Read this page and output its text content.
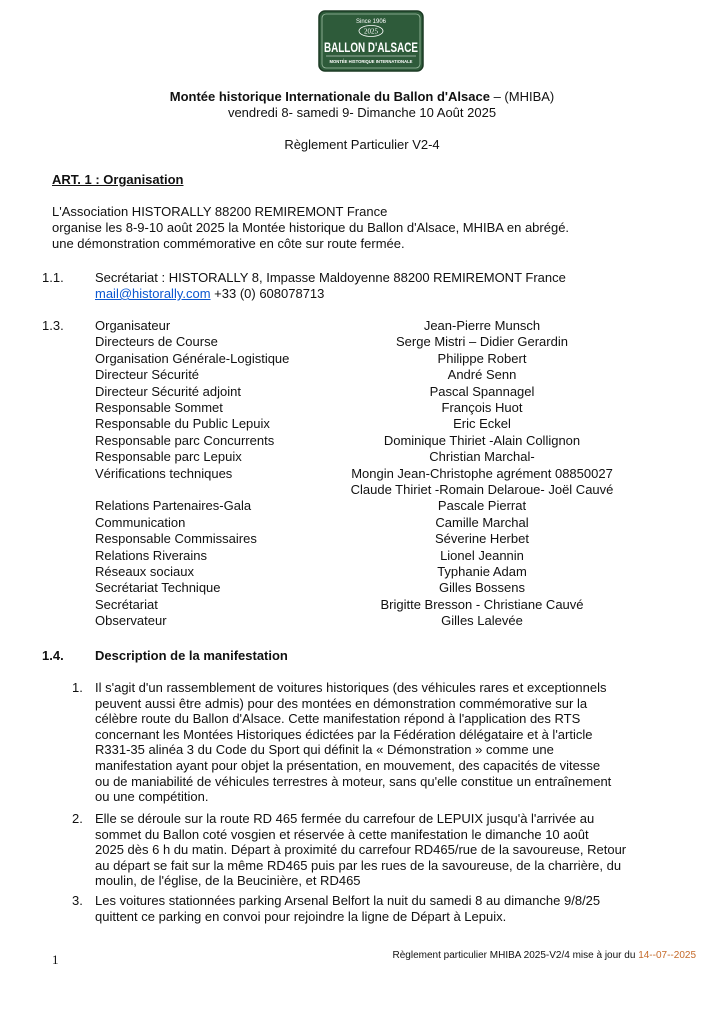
Since 1906
2025
BALLON D'ALSACE
MONTÉE HISTORIQUE INTERNATIONALE
Montée historique Internationale du Ballon d'Alsace – (MHIBA)
vendredi 8- samedi 9- Dimanche 10 Août 2025
Règlement Particulier V2-4
ART. 1 : Organisation
L'Association HISTORALLY 88200 REMIREMONT France
organise les 8-9-10 août 2025 la Montée historique du Ballon d'Alsace, MHIBA en abrégé.
une démonstration commémorative en côte sur route fermée.
1.1. Secrétariat : HISTORALLY 8, Impasse Maldoyenne 88200 REMIREMONT France
mail@historally.com +33 (0) 608078713
1.3. Organisateur	Jean-Pierre Munsch
Directeurs de Course	Serge Mistri – Didier Gerardin
Organisation Générale-Logistique	Philippe Robert
Directeur Sécurité	André Senn
Directeur Sécurité adjoint	Pascal Spannagel
Responsable Sommet	François Huot
Responsable du Public Lepuix	Eric Eckel
Responsable parc Concurrents	Dominique Thiriet -Alain Collignon
Responsable parc Lepuix	Christian Marchal-
Vérifications techniques	Mongin Jean-Christophe agrément 08850027
Claude Thiriet -Romain Delaroue- Joël Cauvé
Relations Partenaires-Gala	Pascale Pierrat
Communication	Camille Marchal
Responsable Commissaires	Séverine Herbet
Relations Riverains	Lionel Jeannin
Réseaux sociaux	Typhanie Adam
Secrétariat Technique	Gilles Bossens
Secrétariat	Brigitte Bresson - Christiane Cauvé
Observateur	Gilles Lalevée
1.4. Description de la manifestation
1. Il s'agit d'un rassemblement de voitures historiques (des véhicules rares et exceptionnels
peuvent aussi être admis) pour des montées en démonstration commémorative sur la
célèbre route du Ballon d'Alsace. Cette manifestation répond à l'application des RTS
concernant les Montées Historiques édictées par la Fédération délégataire et à l'article
R331-35 alinéa 3 du Code du Sport qui définit la « Démonstration » comme une
manifestation ayant pour objet la présentation, en mouvement, des capacités de vitesse
ou de maniabilité de véhicules terrestres à moteur, sans qu'elle constitue un entraînement
ou une compétition.
2. Elle se déroule sur la route RD 465 fermée du carrefour de LEPUIX jusqu'à l'arrivée au
sommet du Ballon coté vosgien et réservée à cette manifestation le dimanche 10 août
2025 dès 6 h du matin. Départ à proximité du carrefour RD465/rue de la savoureuse, Retour
au départ se fait sur la même RD465 puis par les rues de la savoureuse, de la charrière, du
moulin, de l'église, de la Beucinière, et RD465
3. Les voitures stationnées parking Arsenal Belfort la nuit du samedi 8 au dimanche 9/8/25
quittent ce parking en convoi pour rejoindre la ligne de Départ à Lepuix.
1	Règlement particulier MHIBA 2025-V2/4 mise à jour du 14--07--2025
